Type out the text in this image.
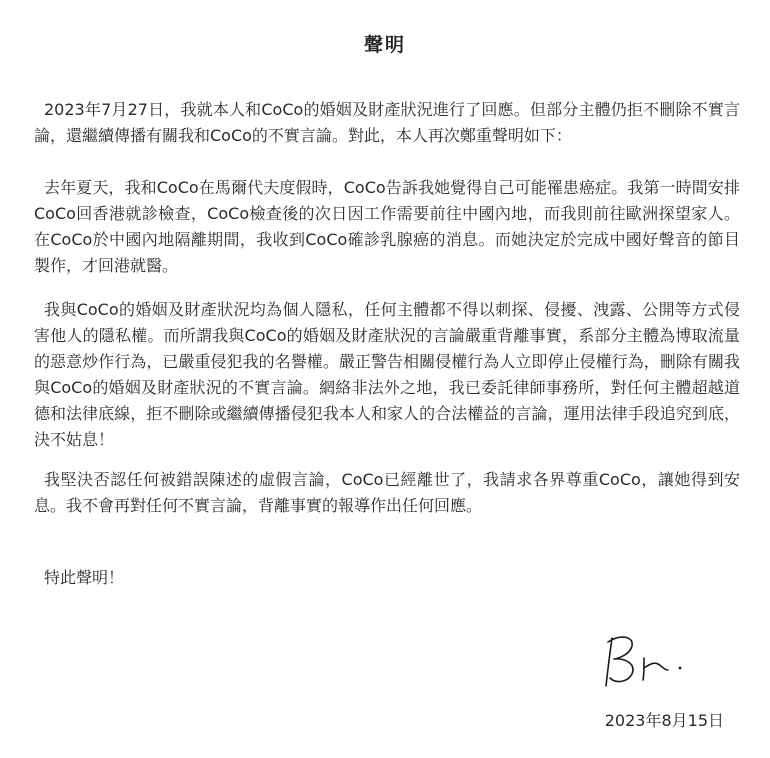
聲明
2023年7月27日，我就本人和CoCo的婚姻及財產狀況進行了回應。但部分主體仍拒不刪除不實言論，還繼續傳播有關我和CoCo的不實言論。對此，本人再次鄭重聲明如下：
去年夏天，我和CoCo在馬爾代夫度假時，CoCo告訴我她覺得自己可能罹患癌症。我第一時間安排CoCo回香港就診檢查，CoCo檢查後的次日因工作需要前往中國內地，而我則前往歐洲探望家人。在CoCo於中國內地隔離期間，我收到CoCo確診乳腺癌的消息。而她決定於完成中國好聲音的節目製作，才回港就醫。
我與CoCo的婚姻及財產狀況均為個人隱私，任何主體都不得以刺探、侵擾、洩露、公開等方式侵害他人的隱私權。而所謂我與CoCo的婚姻及財產狀況的言論嚴重背離事實，系部分主體為博取流量的惡意炒作行為，已嚴重侵犯我的名譽權。嚴正警告相關侵權行為人立即停止侵權行為，刪除有關我與CoCo的婚姻及財產狀況的不實言論。網絡非法外之地，我已委託律師事務所，對任何主體超越道德和法律底線，拒不刪除或繼續傳播侵犯我本人和家人的合法權益的言論，運用法律手段追究到底，決不姑息！
我堅決否認任何被錯誤陳述的虛假言論，CoCo已經離世了，我請求各界尊重CoCo，讓她得到安息。我不會再對任何不實言論，背離事實的報導作出任何回應。
特此聲明！
2023年8月15日
